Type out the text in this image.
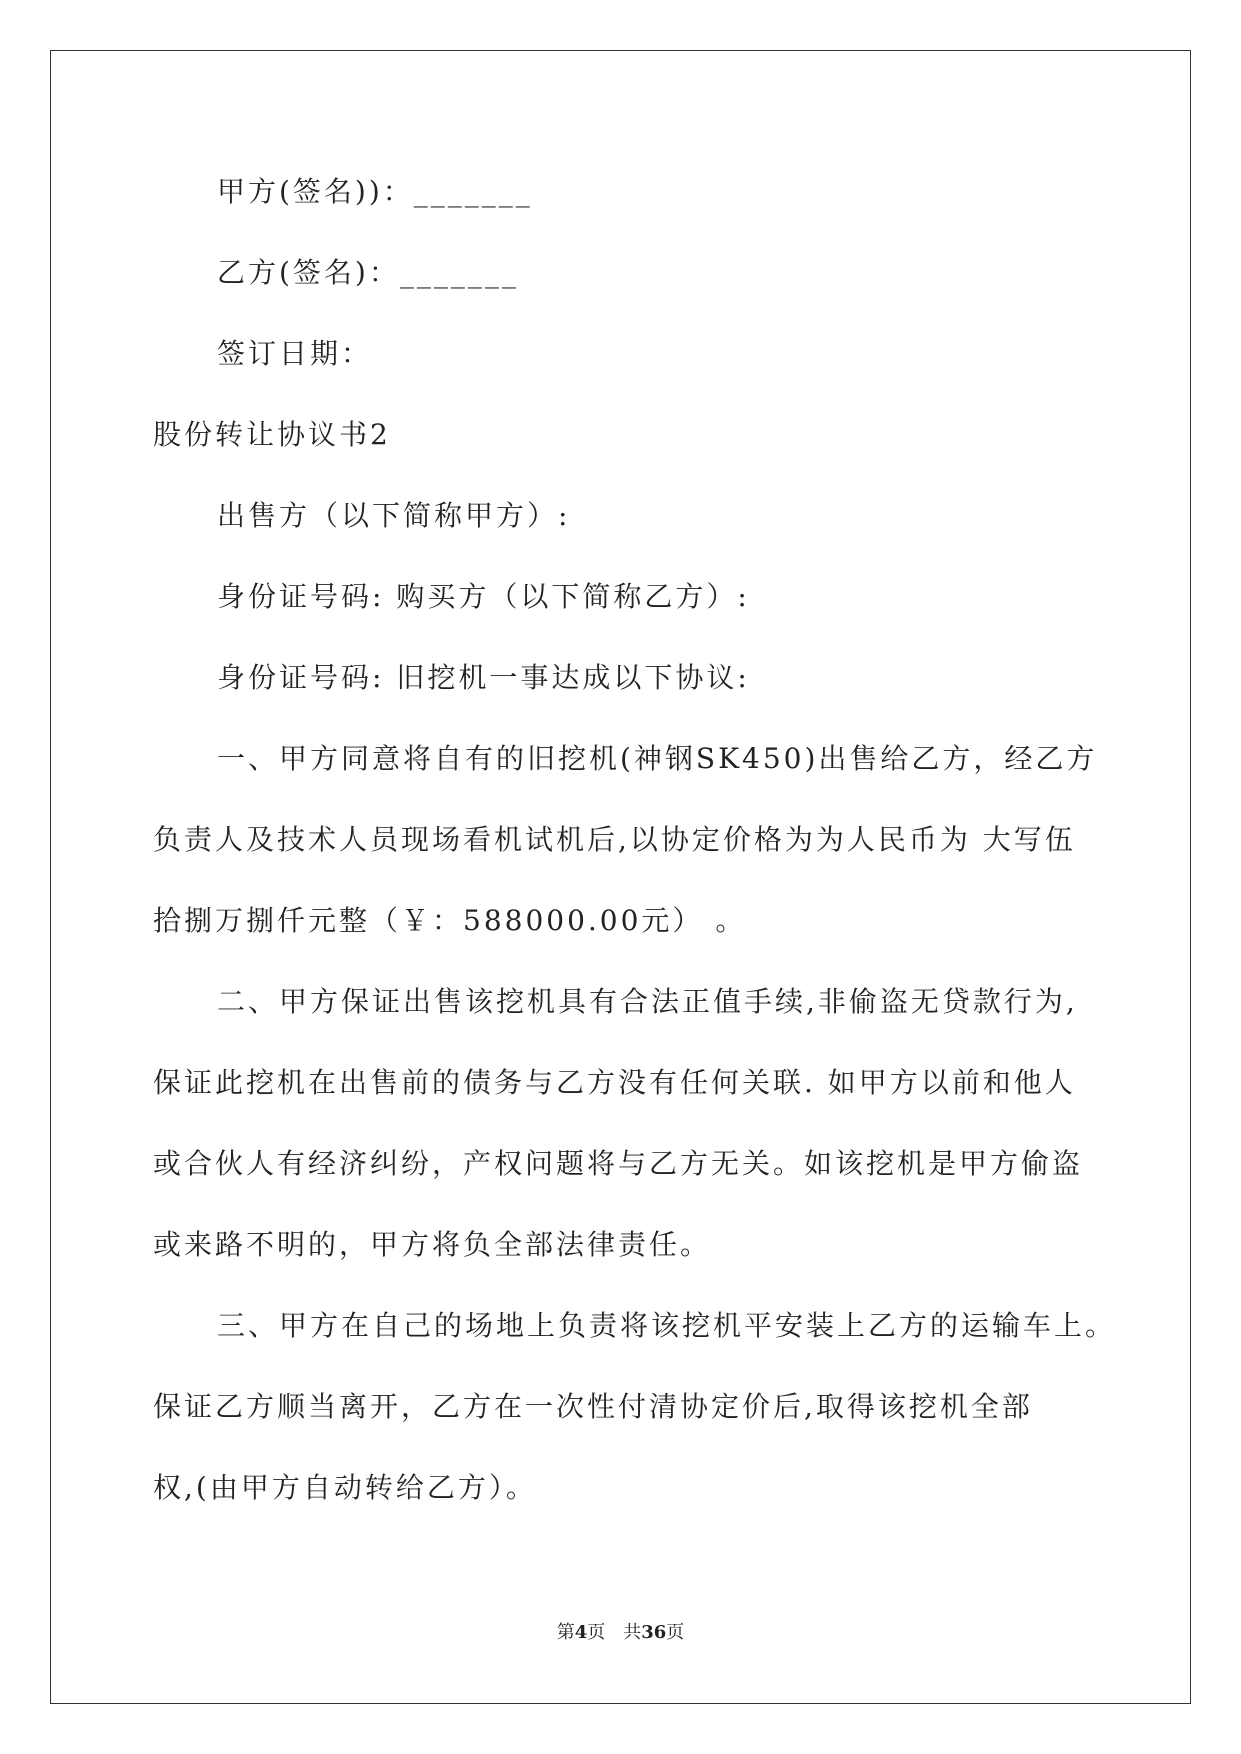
甲方(签名))：_______
乙方(签名)：_______
签订日期：
股份转让协议书2
出售方（以下简称甲方）:
身份证号码: 购买方（以下简称乙方）:
身份证号码: 旧挖机一事达成以下协议:
一、甲方同意将自有的旧挖机(神钢SK450)出售给乙方，经乙方
负责人及技术人员现场看机试机后,以协定价格为为人民币为 大写伍
拾捌万捌仟元整（￥：588000.00元） 。
二、甲方保证出售该挖机具有合法正值手续,非偷盗无贷款行为,
保证此挖机在出售前的债务与乙方没有任何关联. 如甲方以前和他人
或合伙人有经济纠纷，产权问题将与乙方无关。如该挖机是甲方偷盗
或来路不明的，甲方将负全部法律责任。
三、甲方在自己的场地上负责将该挖机平安装上乙方的运输车上。
保证乙方顺当离开，乙方在一次性付清协定价后,取得该挖机全部
权,(由甲方自动转给乙方）。
第4页　共36页
